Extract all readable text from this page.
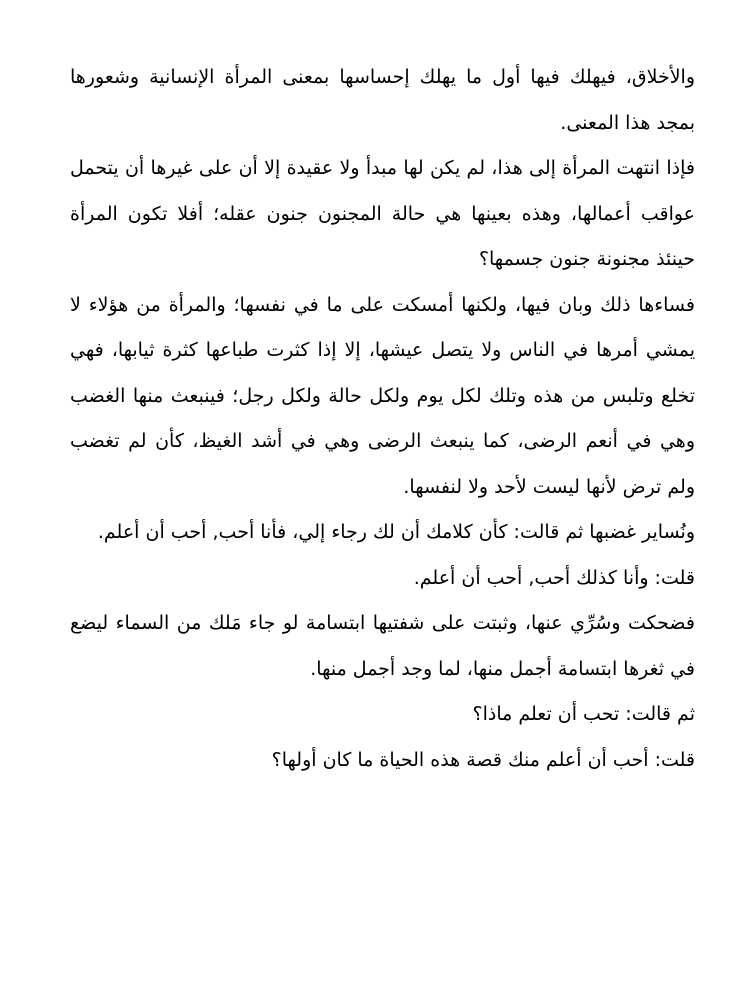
والأخلاق، فيهلك فيها أول ما يهلك إحساسها بمعنى المرأة الإنسانية وشعورها بمجد هذا المعنى.

فإذا انتهت المرأة إلى هذا، لم يكن لها مبدأ ولا عقيدة إلا أن على غيرها أن يتحمل عواقب أعمالها، وهذه بعينها هي حالة المجنون جنون عقله؛ أفلا تكون المرأة حينئذ مجنونة جنون جسمها؟

فساءها ذلك وبان فيها، ولكنها أمسكت على ما في نفسها؛ والمرأة من هؤلاء لا يمشي أمرها في الناس ولا يتصل عيشها، إلا إذا كثرت طباعها كثرة ثيابها، فهي تخلع وتلبس من هذه وتلك لكل يوم ولكل حالة ولكل رجل؛ فينبعث منها الغضب وهي في أنعم الرضى، كما ينبعث الرضى وهي في أشد الغيظ، كأن لم تغضب ولم ترض لأنها ليست لأحد ولا لنفسها.

ونُساير غضبها ثم قالت: كأن كلامك أن لك رجاء إلي، فأنا أحب, أحب أن أعلم.

قلت: وأنا كذلك أحب, أحب أن أعلم.

فضحكت وسُرِّي عنها، وثبتت على شفتيها ابتسامة لو جاء مَلك من السماء ليضع في ثغرها ابتسامة أجمل منها، لما وجد أجمل منها.

ثم قالت: تحب أن تعلم ماذا؟

قلت: أحب أن أعلم منك قصة هذه الحياة ما كان أولها؟
